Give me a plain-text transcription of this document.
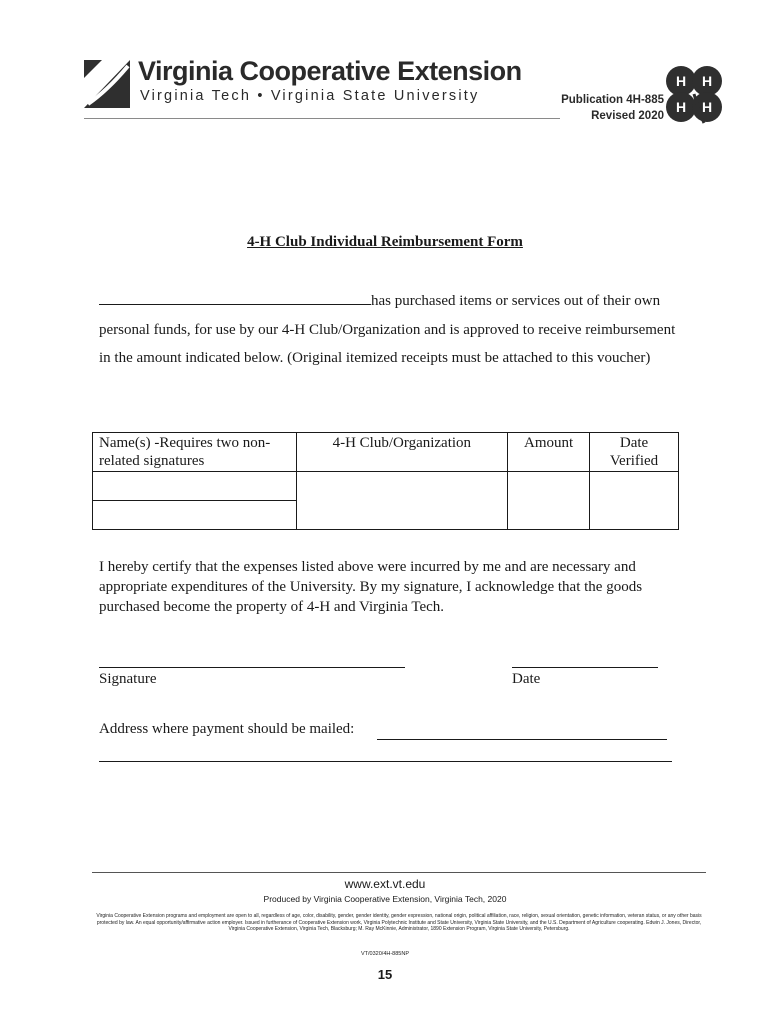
Virginia Cooperative Extension
Virginia Tech • Virginia State University	Publication 4H-885
Revised 2020
H H
H H
4-H Club Individual Reimbursement Form
has purchased items or services out of their own personal funds, for use by our 4-H Club/Organization and is approved to receive reimbursement in the amount indicated below. (Original itemized receipts must be attached to this voucher)
Name(s) -Requires two non-related signatures	4-H Club/Organization	Amount	Date Verified

I hereby certify that the expenses listed above were incurred by me and are necessary and appropriate expenditures of the University. By my signature, I acknowledge that the goods purchased become the property of 4-H and Virginia Tech.
Signature	Date
Address where payment should be mailed:
www.ext.vt.edu
Produced by Virginia Cooperative Extension, Virginia Tech, 2020
Virginia Cooperative Extension programs and employment are open to all, regardless of age, color, disability, gender, gender identity, gender expression, national origin, political affiliation, race, religion, sexual orientation, genetic information, veteran status, or any other basis protected by law. An equal opportunity/affirmative action employer. Issued in furtherance of Cooperative Extension work, Virginia Polytechnic Institute and State University, Virginia State University, and the U.S. Department of Agriculture cooperating. Edwin J. Jones, Director, Virginia Cooperative Extension, Virginia Tech, Blacksburg; M. Ray McKinnie, Administrator, 1890 Extension Program, Virginia State University, Petersburg.
VT/0320/4H-885NP
15
